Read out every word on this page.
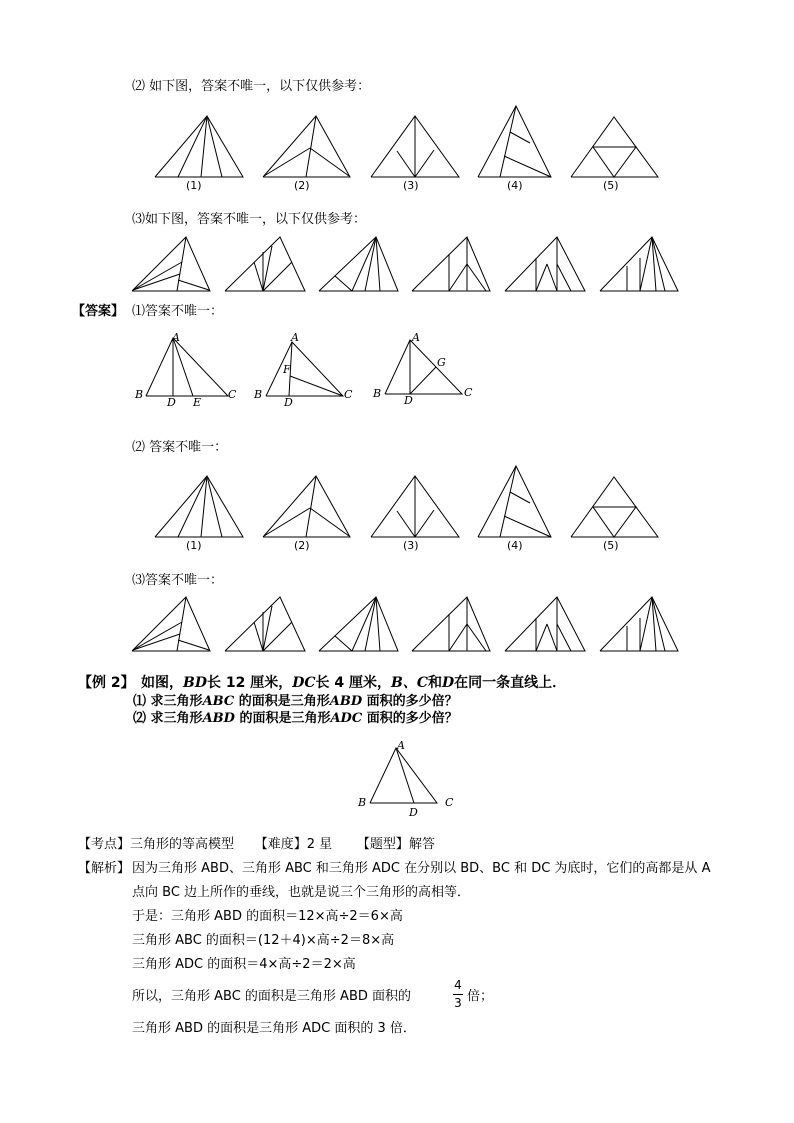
⑵ 如下图，答案不唯一，以下仅供参考：
(1)	(2)	(3)	(4)	(5)
⑶如下图，答案不唯一，以下仅供参考：
【答案】 ⑴答案不唯一：
A
B
D E
C
A
B
F
D
C
A
B
G
D
C
⑵ 答案不唯一：
(1)	(2)	(3)	(4)	(5)
⑶答案不唯一：
【例 2】 如图，BD长 12 厘米，DC长 4 厘米，B、C和D在同一条直线上．
⑴ 求三角形ABC 的面积是三角形ABD 面积的多少倍？
⑵ 求三角形ABD 的面积是三角形ADC 面积的多少倍？
A
B
D
C
【考点】三角形的等高模型 【难度】2 星 【题型】解答
【解析】 因为三角形 ABD、三角形 ABC 和三角形 ADC 在分别以 BD、BC 和 DC 为底时，它们的高都是从 A
点向 BC 边上所作的垂线，也就是说三个三角形的高相等．
于是：三角形 ABD 的面积＝12×高÷2＝6×高
三角形 ABC 的面积＝(12＋4)×高÷2＝8×高
三角形 ADC 的面积＝4×高÷2＝2×高
所以，三角形 ABC 的面积是三角形 ABD 面积的
4
3 倍；
三角形 ABD 的面积是三角形 ADC 面积的 3 倍．
